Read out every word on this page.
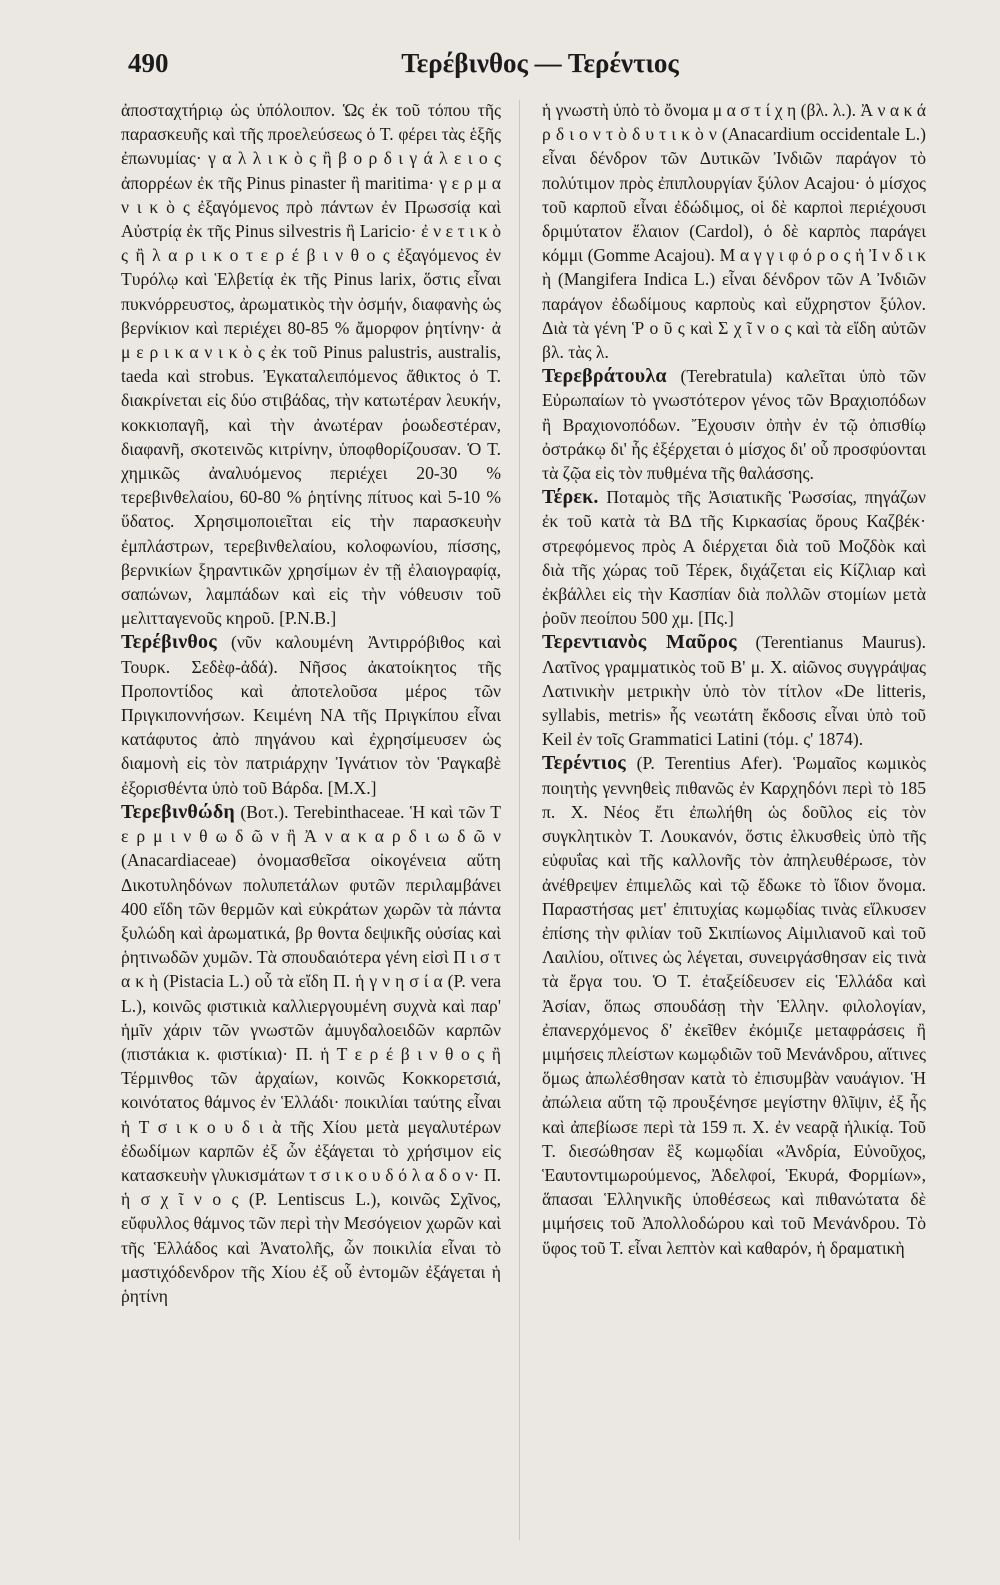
490	Τερέβινθος — Τερέντιος

ἀποσταχτήριῳ ὡς ὑπόλοιπον. Ὡς ἐκ τοῦ τόπου τῆς παρασκευῆς καὶ τῆς προελεύσεως ὁ Τ. φέρει τὰς ἑξῆς ἐπωνυμίας· γ α λ λ ι κ ὸ ς ἢ β ο ρ δ ι γ ά λ ε ι ο ς ἀπορρέων ἐκ τῆς Pinus pinaster ἢ maritima· γ ε ρ μ α ν ι κ ὸ ς ἐξαγόμενος πρὸ πάντων ἐν Πρωσσίᾳ καὶ Αὐστρίᾳ ἐκ τῆς Pinus silvestris ἢ Laricio· ἐ ν ε τ ι κ ὸ ς ἢ λ α ρ ι κ ο τ ε ρ έ β ι ν θ ο ς ἐξαγόμενος ἐν Τυρόλῳ καὶ Ἑλβετίᾳ ἐκ τῆς Pinus larix, ὅστις εἶναι πυκνόρρευστος, ἀρωματικὸς τὴν ὀσμήν, διαφανὴς ὡς βερνίκιον καὶ περιέχει 80-85 % ἄμορφον ῥητίνην· ἀ μ ε ρ ι κ α ν ι κ ὸ ς ἐκ τοῦ Pinus palustris, australis, taeda καὶ strobus. Ἐγκαταλειπόμενος ἄθικτος ὁ Τ. διακρίνεται εἰς δύο στιβάδας, τὴν κατωτέραν λευκήν, κοκκιοπαγῆ, καὶ τὴν ἀνωτέραν ῥοωδεστέραν, διαφανῆ, σκοτεινῶς κιτρίνην, ὑποφθορίζουσαν. Ὁ Τ. χημικῶς ἀναλυόμενος περιέχει 20-30 % τερεβινθελαίου, 60-80 % ῥητίνης πίτυος καὶ 5-10 % ὕδατος. Χρησιμοποιεῖται εἰς τὴν παρασκευὴν ἐμπλάστρων, τερεβινθελαίου, κολοφωνίου, πίσσης, βερνικίων ξηραντικῶν χρησίμων ἐν τῇ ἐλαιογραφίᾳ, σαπώνων, λαμπάδων καὶ εἰς τὴν νόθευσιν τοῦ μελιτταγενοῦς κηροῦ. [Ρ.Ν.Β.]

Τερέβινθος (νῦν καλουμένη Ἀντιρρόβιθος καὶ Τουρκ. Σεδὲφ-ἀδά). Νῆσος ἀκατοίκητος τῆς Προποντίδος καὶ ἀποτελοῦσα μέρος τῶν Πριγκιποννήσων. Κειμένη ΝΑ τῆς Πριγκίπου εἶναι κατάφυτος ἀπὸ πηγάνου καὶ ἐχρησίμευσεν ὡς διαμονὴ εἰς τὸν πατριάρχην Ἰγνάτιον τὸν Ῥαγκαβὲ ἐξορισθέντα ὑπὸ τοῦ Βάρδα. [Μ.Χ.]

Τερεβινθώδη (Βοτ.). Terebinthaceae. Ἡ καὶ τῶν Τ ε ρ μ ι ν θ ω δ ῶ ν ἢ Ἀ ν α κ α ρ δ ι ω δ ῶ ν (Anacardiaceae) ὀνομασθεῖσα οἰκογένεια αὕτη Δικοτυληδόνων πολυπετάλων φυτῶν περιλαμβάνει 400 εἴδη τῶν θερμῶν καὶ εὐκράτων χωρῶν τὰ πάντα ξυλώδη καὶ ἀρωματικά, βρ θοντα δεψικῆς οὐσίας καὶ ῥητινωδῶν χυμῶν. Τὰ σπουδαιότερα γένη εἰσὶ Π ι σ τ α κ ὴ (Pistacia L.) οὗ τὰ εἴδη Π. ἡ γ ν η σ ί α (Ρ. vera L.), κοινῶς φιστικιὰ καλλιεργουμένη συχνὰ καὶ παρ' ἡμῖν χάριν τῶν γνωστῶν ἀμυγδαλοειδῶν καρπῶν (πιστάκια κ. φιστίκια)· Π. ἡ Τ ε ρ έ β ι ν θ ο ς ἢ Τέρμινθος τῶν ἀρχαίων, κοινῶς Κοκκορετσιά, κοινότατος θάμνος ἐν Ἑλλάδι· ποικιλίαι ταύτης εἶναι ἡ Τ σ ι κ ο υ δ ι ὰ τῆς Χίου μετὰ μεγαλυτέρων ἐδωδίμων καρπῶν ἐξ ὧν ἐξάγεται τὸ χρήσιμον εἰς κατασκευὴν γλυκισμάτων τ σ ι κ ο υ δ ό λ α δ ο ν· Π. ἡ σ χ ῖ ν ο ς (Ρ. Lentiscus L.), κοινῶς Σχῖνος, εὔφυλλος θάμνος τῶν περὶ τὴν Μεσόγειον χωρῶν καὶ τῆς Ἑλλάδος καὶ Ἀνατολῆς, ὧν ποικιλία εἶναι τὸ μαστιχόδενδρον τῆς Χίου ἐξ οὗ ἐντομῶν ἐξάγεται ἡ ῥητίνη

ἡ γνωστὴ ὑπὸ τὸ ὄνομα μ α σ τ ί χ η (βλ. λ.). Ἀ ν α κ ά ρ δ ι ο ν τ ὸ δ υ τ ι κ ὸ ν (Anacardium occidentale L.) εἶναι δένδρον τῶν Δυτικῶν Ἰνδιῶν παράγον τὸ πολύτιμον πρὸς ἐπιπλουργίαν ξύλον Acajou· ὁ μίσχος τοῦ καρποῦ εἶναι ἐδώδιμος, οἱ δὲ καρποὶ περιέχουσι δριμύτατον ἔλαιον (Cardol), ὁ δὲ καρπὸς παράγει κόμμι (Gomme Acajou). Μ α γ γ ι φ ό ρ ο ς ἡ Ἰ ν δ ι κ ὴ (Mangifera Indica L.) εἶναι δένδρον τῶν Α Ἰνδιῶν παράγον ἐδωδίμους καρποὺς καὶ εὔχρηστον ξύλον. Διὰ τὰ γένη Ῥ ο ῦ ς καὶ Σ χ ῖ ν ο ς καὶ τὰ εἴδη αὐτῶν βλ. τὰς λ.

Τερεβράτουλα (Terebratula) καλεῖται ὑπὸ τῶν Εὐρωπαίων τὸ γνωστότερον γένος τῶν Βραχιοπόδων ἢ Βραχιονοπόδων. Ἔχουσιν ὀπὴν ἐν τῷ ὀπισθίῳ ὀστράκῳ δι' ἧς ἐξέρχεται ὁ μίσχος δι' οὗ προσφύονται τὰ ζῷα εἰς τὸν πυθμένα τῆς θαλάσσης.

Τέρεκ. Ποταμὸς τῆς Ἀσιατικῆς Ῥωσσίας, πηγάζων ἐκ τοῦ κατὰ τὰ ΒΔ τῆς Κιρκασίας ὄρους Καζβέκ· στρεφόμενος πρὸς Α διέρχεται διὰ τοῦ Μοζδὸκ καὶ διὰ τῆς χώρας τοῦ Τέρεκ, διχάζεται εἰς Κίζλιαρ καὶ ἐκβάλλει εἰς τὴν Κασπίαν διὰ πολλῶν στομίων μετὰ ῥοῦν πεοίπου 500 χμ. [Πς.]

Τερεντιανὸς Μαῦρος (Terentianus Maurus). Λατῖνος γραμματικὸς τοῦ Β' μ. Χ. αἰῶνος συγγράψας Λατινικὴν μετρικὴν ὑπὸ τὸν τίτλον «De litteris, syllabis, metris» ἧς νεωτάτη ἔκδοσις εἶναι ὑπὸ τοῦ Keil ἐν τοῖς Grammatici Latini (τόμ. ς' 1874).

Τερέντιος (P. Terentius Afer). Ῥωμαῖος κωμικὸς ποιητὴς γεννηθεὶς πιθανῶς ἐν Καρχηδόνι περὶ τὸ 185 π. Χ. Νέος ἔτι ἐπωλήθη ὡς δοῦλος εἰς τὸν συγκλητικὸν Τ. Λουκανόν, ὅστις ἑλκυσθεὶς ὑπὸ τῆς εὐφυΐας καὶ τῆς καλλονῆς τὸν ἀπηλευθέρωσε, τὸν ἀνέθρεψεν ἐπιμελῶς καὶ τῷ ἔδωκε τὸ ἴδιον ὄνομα. Παραστήσας μετ' ἐπιτυχίας κωμῳδίας τινὰς εἵλκυσεν ἐπίσης τὴν φιλίαν τοῦ Σκιπίωνος Αἰμιλιανοῦ καὶ τοῦ Λαιλίου, οἵτινες ὡς λέγεται, συνειργάσθησαν εἰς τινὰ τὰ ἔργα του. Ὁ Τ. ἐταξείδευσεν εἰς Ἑλλάδα καὶ Ἀσίαν, ὅπως σπουδάσῃ τὴν Ἑλλην. φιλολογίαν, ἐπανερχόμενος δ' ἐκεῖθεν ἐκόμιζε μεταφράσεις ἢ μιμήσεις πλείστων κωμῳδιῶν τοῦ Μενάνδρου, αἵτινες ὅμως ἀπωλέσθησαν κατὰ τὸ ἐπισυμβὰν ναυάγιον. Ἡ ἀπώλεια αὕτη τῷ προυξένησε μεγίστην θλῖψιν, ἐξ ἧς καὶ ἀπεβίωσε περὶ τὰ 159 π. Χ. ἐν νεαρᾷ ἡλικίᾳ. Τοῦ Τ. διεσώθησαν ἓξ κωμῳδίαι «Ἀνδρία, Εὐνοῦχος, Ἑαυτοντιμωρούμενος, Ἀδελφοί, Ἑκυρά, Φορμίων», ἅπασαι Ἑλληνικῆς ὑποθέσεως καὶ πιθανώτατα δὲ μιμήσεις τοῦ Ἀπολλοδώρου καὶ τοῦ Μενάνδρου. Τὸ ὕφος τοῦ Τ. εἶναι λεπτὸν καὶ καθαρόν, ἡ δραματικὴ
